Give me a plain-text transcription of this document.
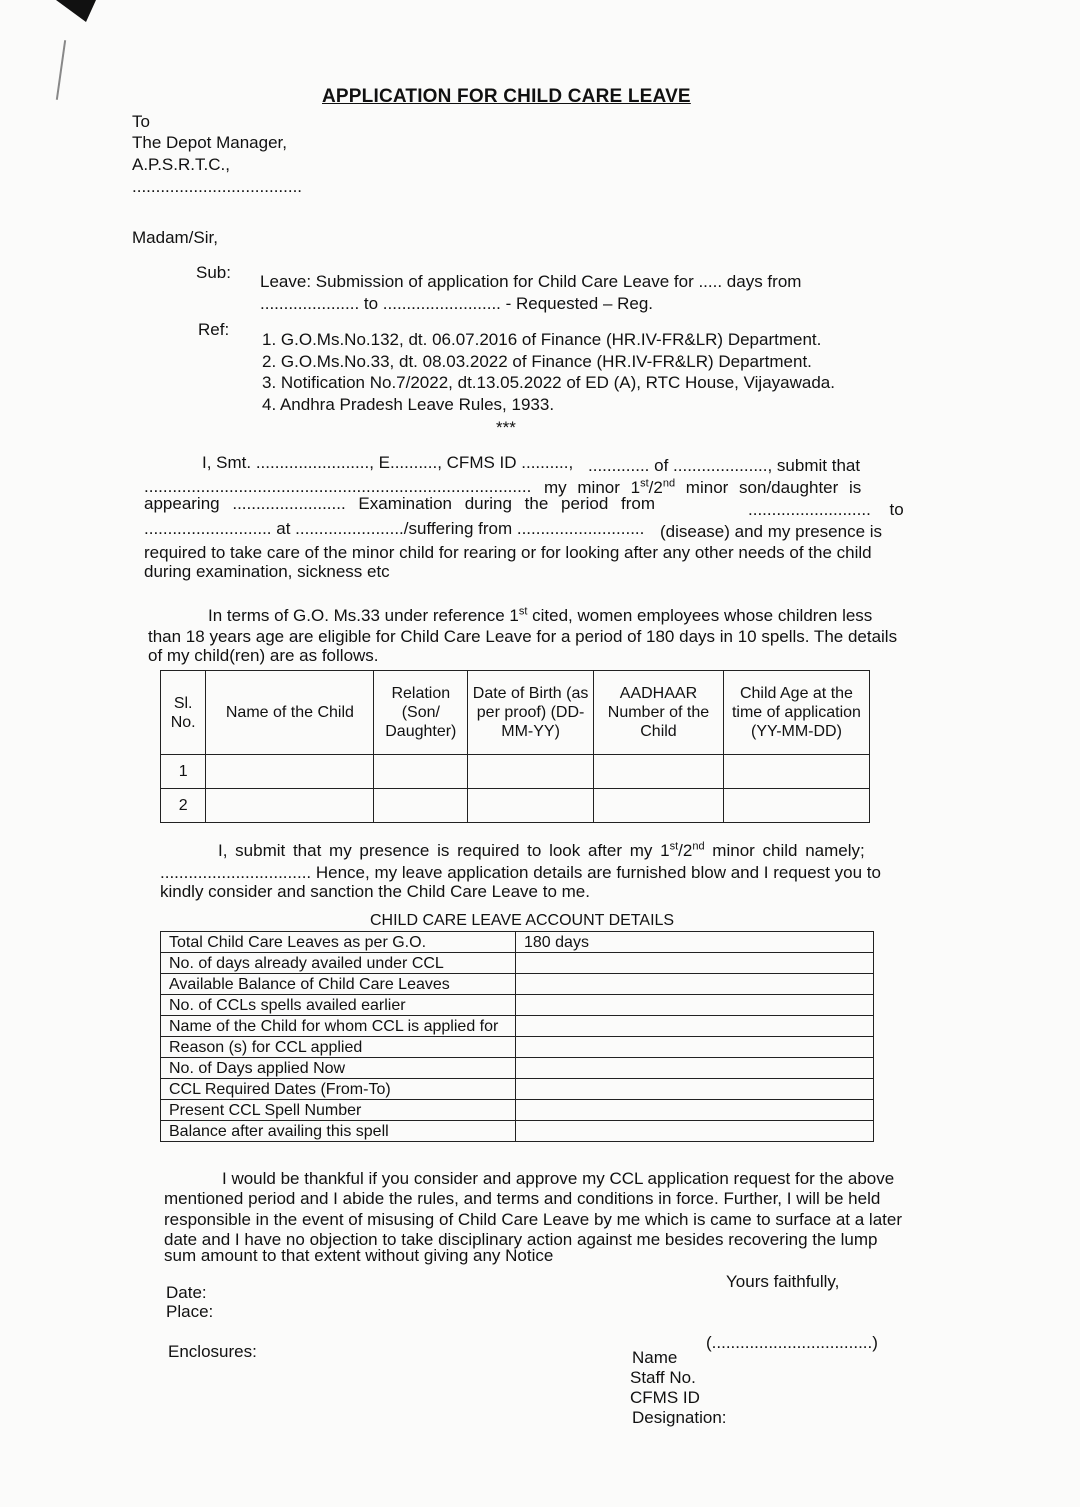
APPLICATION FOR CHILD CARE LEAVE
To
The Depot Manager,
A.P.S.R.T.C.,
....................................
Madam/Sir,
Sub: Leave: Submission of application for Child Care Leave for ..... days from
..................... to ......................... - Requested – Reg.
Ref:
1. G.O.Ms.No.132, dt. 06.07.2016 of Finance (HR.IV-FR&LR) Department.
2. G.O.Ms.No.33, dt. 08.03.2022 of Finance (HR.IV-FR&LR) Department.
3. Notification No.7/2022, dt.13.05.2022 of ED (A), RTC House, Vijayawada.
4. Andhra Pradesh Leave Rules, 1933.
***
I, Smt. ........................, E.........., CFMS ID .........., ............. of ...................., submit that
.................................................................................. my minor 1st/2nd minor son/daughter is
appearing ........................ Examination during the period from	.......................... to
........................... at ......................./suffering from ........................... (disease) and my presence is
required to take care of the minor child for rearing or for looking after any other needs of the child
during examination, sickness etc
In terms of G.O. Ms.33 under reference 1st cited, women employees whose children less
than 18 years age are eligible for Child Care Leave for a period of 180 days in 10 spells. The details
of my child(ren) are as follows.
Sl. No.	Name of the Child	Relation (Son/ Daughter)	Date of Birth (as per proof) (DD-MM-YY)	AADHAAR Number of the Child	Child Age at the time of application (YY-MM-DD)
1					
2					
I, submit that my presence is required to look after my 1st/2nd minor child namely;
................................ Hence, my leave application details are furnished blow and I request you to
kindly consider and sanction the Child Care Leave to me.
CHILD CARE LEAVE ACCOUNT DETAILS
Total Child Care Leaves as per G.O.	180 days
No. of days already availed under CCL	
Available Balance of Child Care Leaves	
No. of CCLs spells availed earlier	
Name of the Child for whom CCL is applied for	
Reason (s) for CCL applied	
No. of Days applied Now	
CCL Required Dates (From-To)	
Present CCL Spell Number	
Balance after availing this spell	
I would be thankful if you consider and approve my CCL application request for the above
mentioned period and I abide the rules, and terms and conditions in force. Further, I will be held
responsible in the event of misusing of Child Care Leave by me which is came to surface at a later
date and I have no objection to take disciplinary action against me besides recovering the lump
sum amount to that extent without giving any Notice
Yours faithfully,
Date:
Place:
Enclosures:	(..................................)
Name
Staff No.
CFMS ID
Designation:
